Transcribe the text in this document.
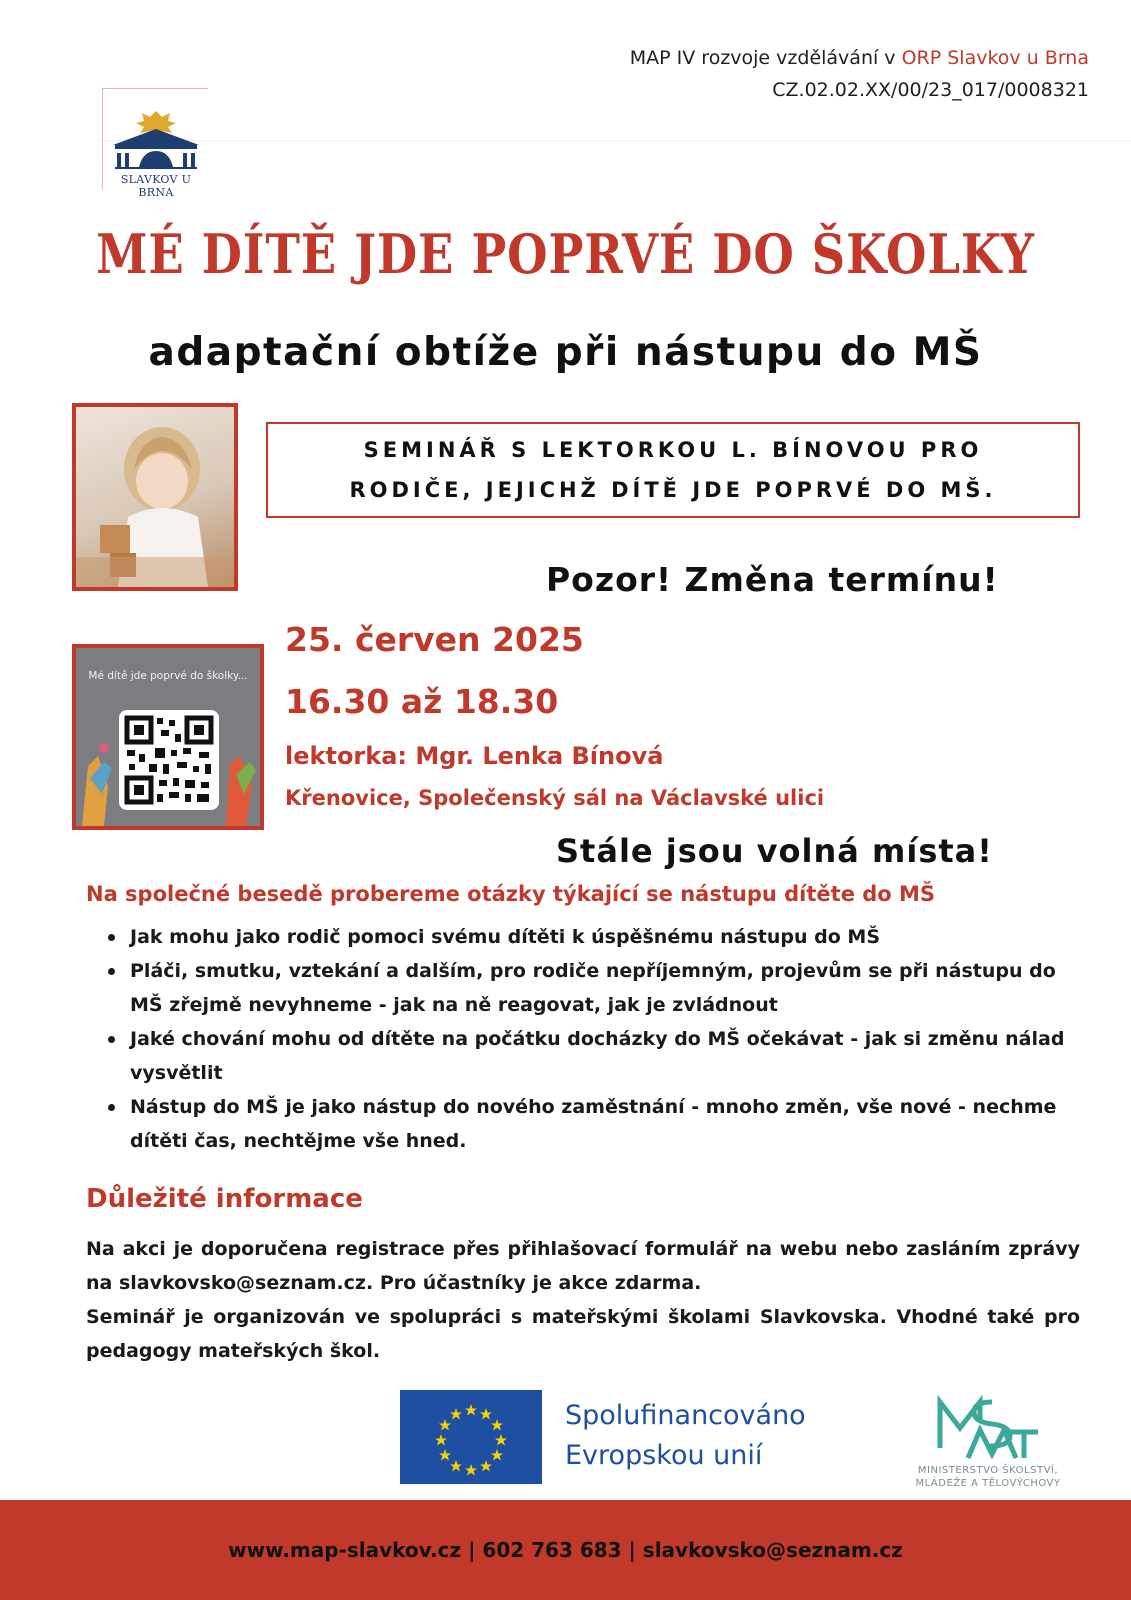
MAP IV rozvoje vzdělávání v ORP Slavkov u Brna
CZ.02.02.XX/00/23_017/0008321
SLAVKOV U BRNA
MÉ DÍTĚ JDE POPRVÉ DO ŠKOLKY
adaptační obtíže při nástupu do MŠ
SEMINÁŘ S LEKTORKOU L. BÍNOVOU PRO
RODIČE, JEJICHŽ DÍTĚ JDE POPRVÉ DO MŠ.
Pozor! Změna termínu!
Mé dítě jde poprvé do školky...
25. červen 2025
16.30 až 18.30
lektorka: Mgr. Lenka Bínová
Křenovice, Společenský sál na Václavské ulici
Stále jsou volná místa!
Na společné besedě probereme otázky týkající se nástupu dítěte do MŠ
Jak mohu jako rodič pomoci svému dítěti k úspěšnému nástupu do MŠ
Pláči, smutku, vztekání a dalším, pro rodiče nepříjemným, projevům se při nástupu do MŠ zřejmě nevyhneme - jak na ně reagovat, jak je zvládnout
Jaké chování mohu od dítěte na počátku docházky do MŠ očekávat - jak si změnu nálad vysvětlit
Nástup do MŠ je jako nástup do nového zaměstnání - mnoho změn, vše nové - nechme dítěti čas, nechtějme vše hned.
Důležité informace

Na akci je doporučena registrace přes přihlašovací formulář na webu nebo zasláním zprávy na slavkovsko@seznam.cz. Pro účastníky je akce zdarma.

Seminář je organizován ve spolupráci s mateřskými školami Slavkovska. Vhodné také pro pedagogy mateřských škol.

Spolufinancováno
Evropskou unií	MINISTERSTVO ŠKOLSTVÍ,
MLÁDEŽE A TĚLOVÝCHOVY
www.map-slavkov.cz | 602 763 683 | slavkovsko@seznam.cz
